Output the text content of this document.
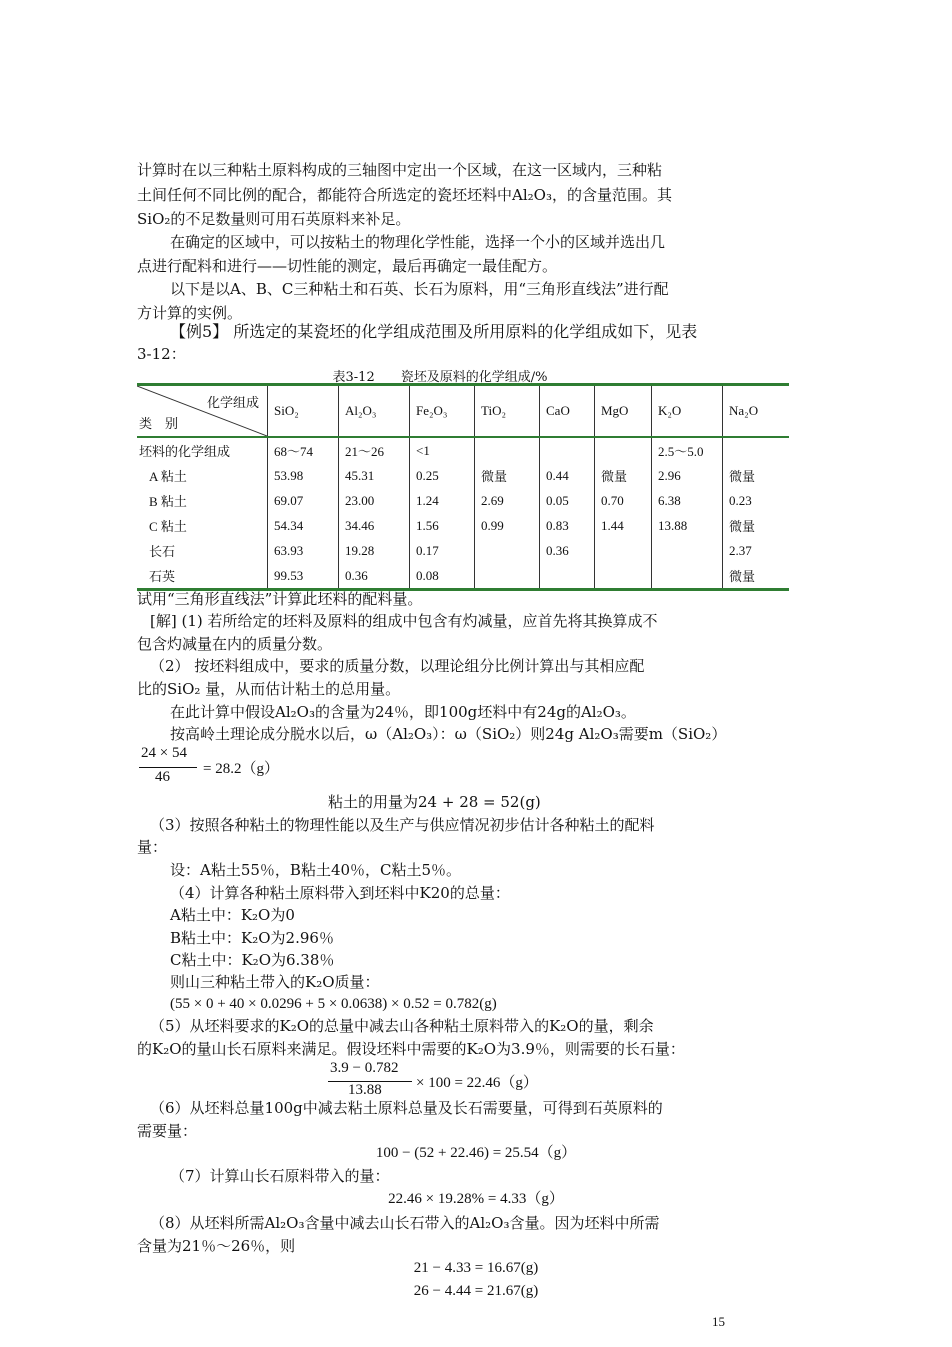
计算时在以三种粘土原料构成的三轴图中定出一个区域，在这一区域内，三种粘
土间任何不同比例的配合，都能符合所选定的瓷坯坯料中Al₂O₃，的含量范围。其
SiO₂的不足数量则可用石英原料来补足。
在确定的区域中，可以按粘土的物理化学性能，选择一个小的区域并选出几
点进行配料和进行——切性能的测定，最后再确定一最佳配方。
以下是以A、B、C三种粘土和石英、长石为原料，用“三角形直线法”进行配
方计算的实例。
【例5】 所选定的某瓷坯的化学组成范围及所用原料的化学组成如下，见表
3-12：
表3-12　　瓷坯及原料的化学组成/%
化学组成
类　别	SiO₂	Al₂O₃	Fe₂O₃	TiO₂	CaO	MgO	K₂O	Na₂O
坯料的化学组成	68～74	21～26	<1				2.5～5.0	
A 粘土	53.98	45.31	0.25	微量	0.44	微量	2.96	微量
B 粘土	69.07	23.00	1.24	2.69	0.05	0.70	6.38	0.23
C 粘土	54.34	34.46	1.56	0.99	0.83	1.44	13.88	微量
长石	63.93	19.28	0.17		0.36			2.37
石英	99.53	0.36	0.08					微量
试用“三角形直线法”计算此坯料的配料量。
[解] (1) 若所给定的坯料及原料的组成中包含有灼减量，应首先将其换算成不
包含灼减量在内的质量分数。
（2） 按坯料组成中，要求的质量分数，以理论组分比例计算出与其相应配
比的SiO₂ 量，从而估计粘土的总用量。
在此计算中假设Al₂O₃的含量为24％，即100g坯料中有24g的Al₂O₃。
按高岭土理论成分脱水以后，ω（Al₂O₃）：ω（SiO₂）则24g Al₂O₃需要m（SiO₂）
24 × 54
46 = 28.2（g）
粘土的用量为24 + 28 = 52(g)
（3）按照各种粘土的物理性能以及生产与供应情况初步估计各种粘土的配料
量：
设：A粘土55％，B粘土40％，C粘土5％。
（4）计算各种粘土原料带入到坯料中K20的总量：
A粘土中：K₂O为0
B粘土中：K₂O为2.96％
C粘土中：K₂O为6.38％
则山三种粘土带入的K₂O质量：
(55 × 0 + 40 × 0.0296 + 5 × 0.0638) × 0.52 = 0.782(g)
（5）从坯料要求的K₂O的总量中减去山各种粘土原料带入的K₂O的量，剩余
的K₂O的量山长石原料来满足。假设坯料中需要的K₂O为3.9％，则需要的长石量：
3.9 − 0.782
13.88 × 100 = 22.46（g）
（6）从坯料总量100g中减去粘土原料总量及长石需要量，可得到石英原料的
需要量：
100 − (52 + 22.46) = 25.54（g）
（7）计算山长石原料带入的量：
22.46 × 19.28% = 4.33（g）
（8）从坯料所需Al₂O₃含量中减去山长石带入的Al₂O₃含量。因为坯料中所需
含量为21％～26％，则
21 − 4.33 = 16.67(g)
26 − 4.44 = 21.67(g)
15
